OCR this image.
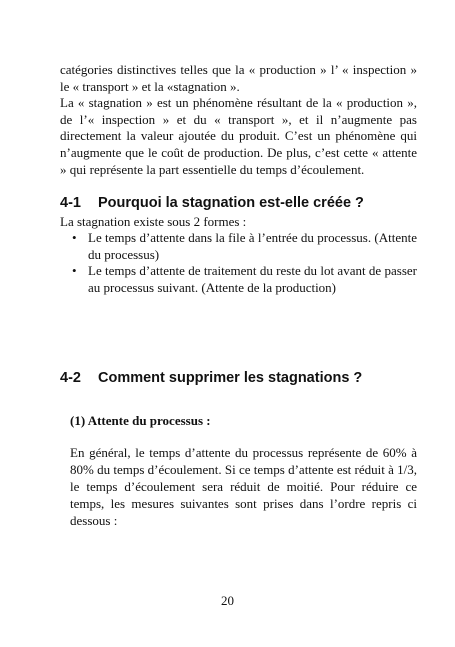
catégories distinctives telles que la « production » l’ « inspection » le « transport » et la «stagnation ».

La « stagnation » est un phénomène résultant de la « production », de l’« inspection » et du « transport », et il n’augmente pas directement la valeur ajoutée du produit. C’est un phénomène qui n’augmente que le coût de production. De plus, c’est cette « attente » qui représente la part essentielle du temps d’écoulement.

4-1 Pourquoi la stagnation est-elle créée ?
La stagnation existe sous 2 formes :
• Le temps d’attente dans la file à l’entrée du processus. (Attente du processus)
• Le temps d’attente de traitement du reste du lot avant de passer au processus suivant. (Attente de la production)
4-2 Comment supprimer les stagnations ?
(1) Attente du processus :

En général, le temps d’attente du processus représente de 60% à 80% du temps d’écoulement. Si ce temps d’attente est réduit à 1/3, le temps d’écoulement sera réduit de moitié. Pour réduire ce temps, les mesures suivantes sont prises dans l’ordre repris ci dessous :

20
